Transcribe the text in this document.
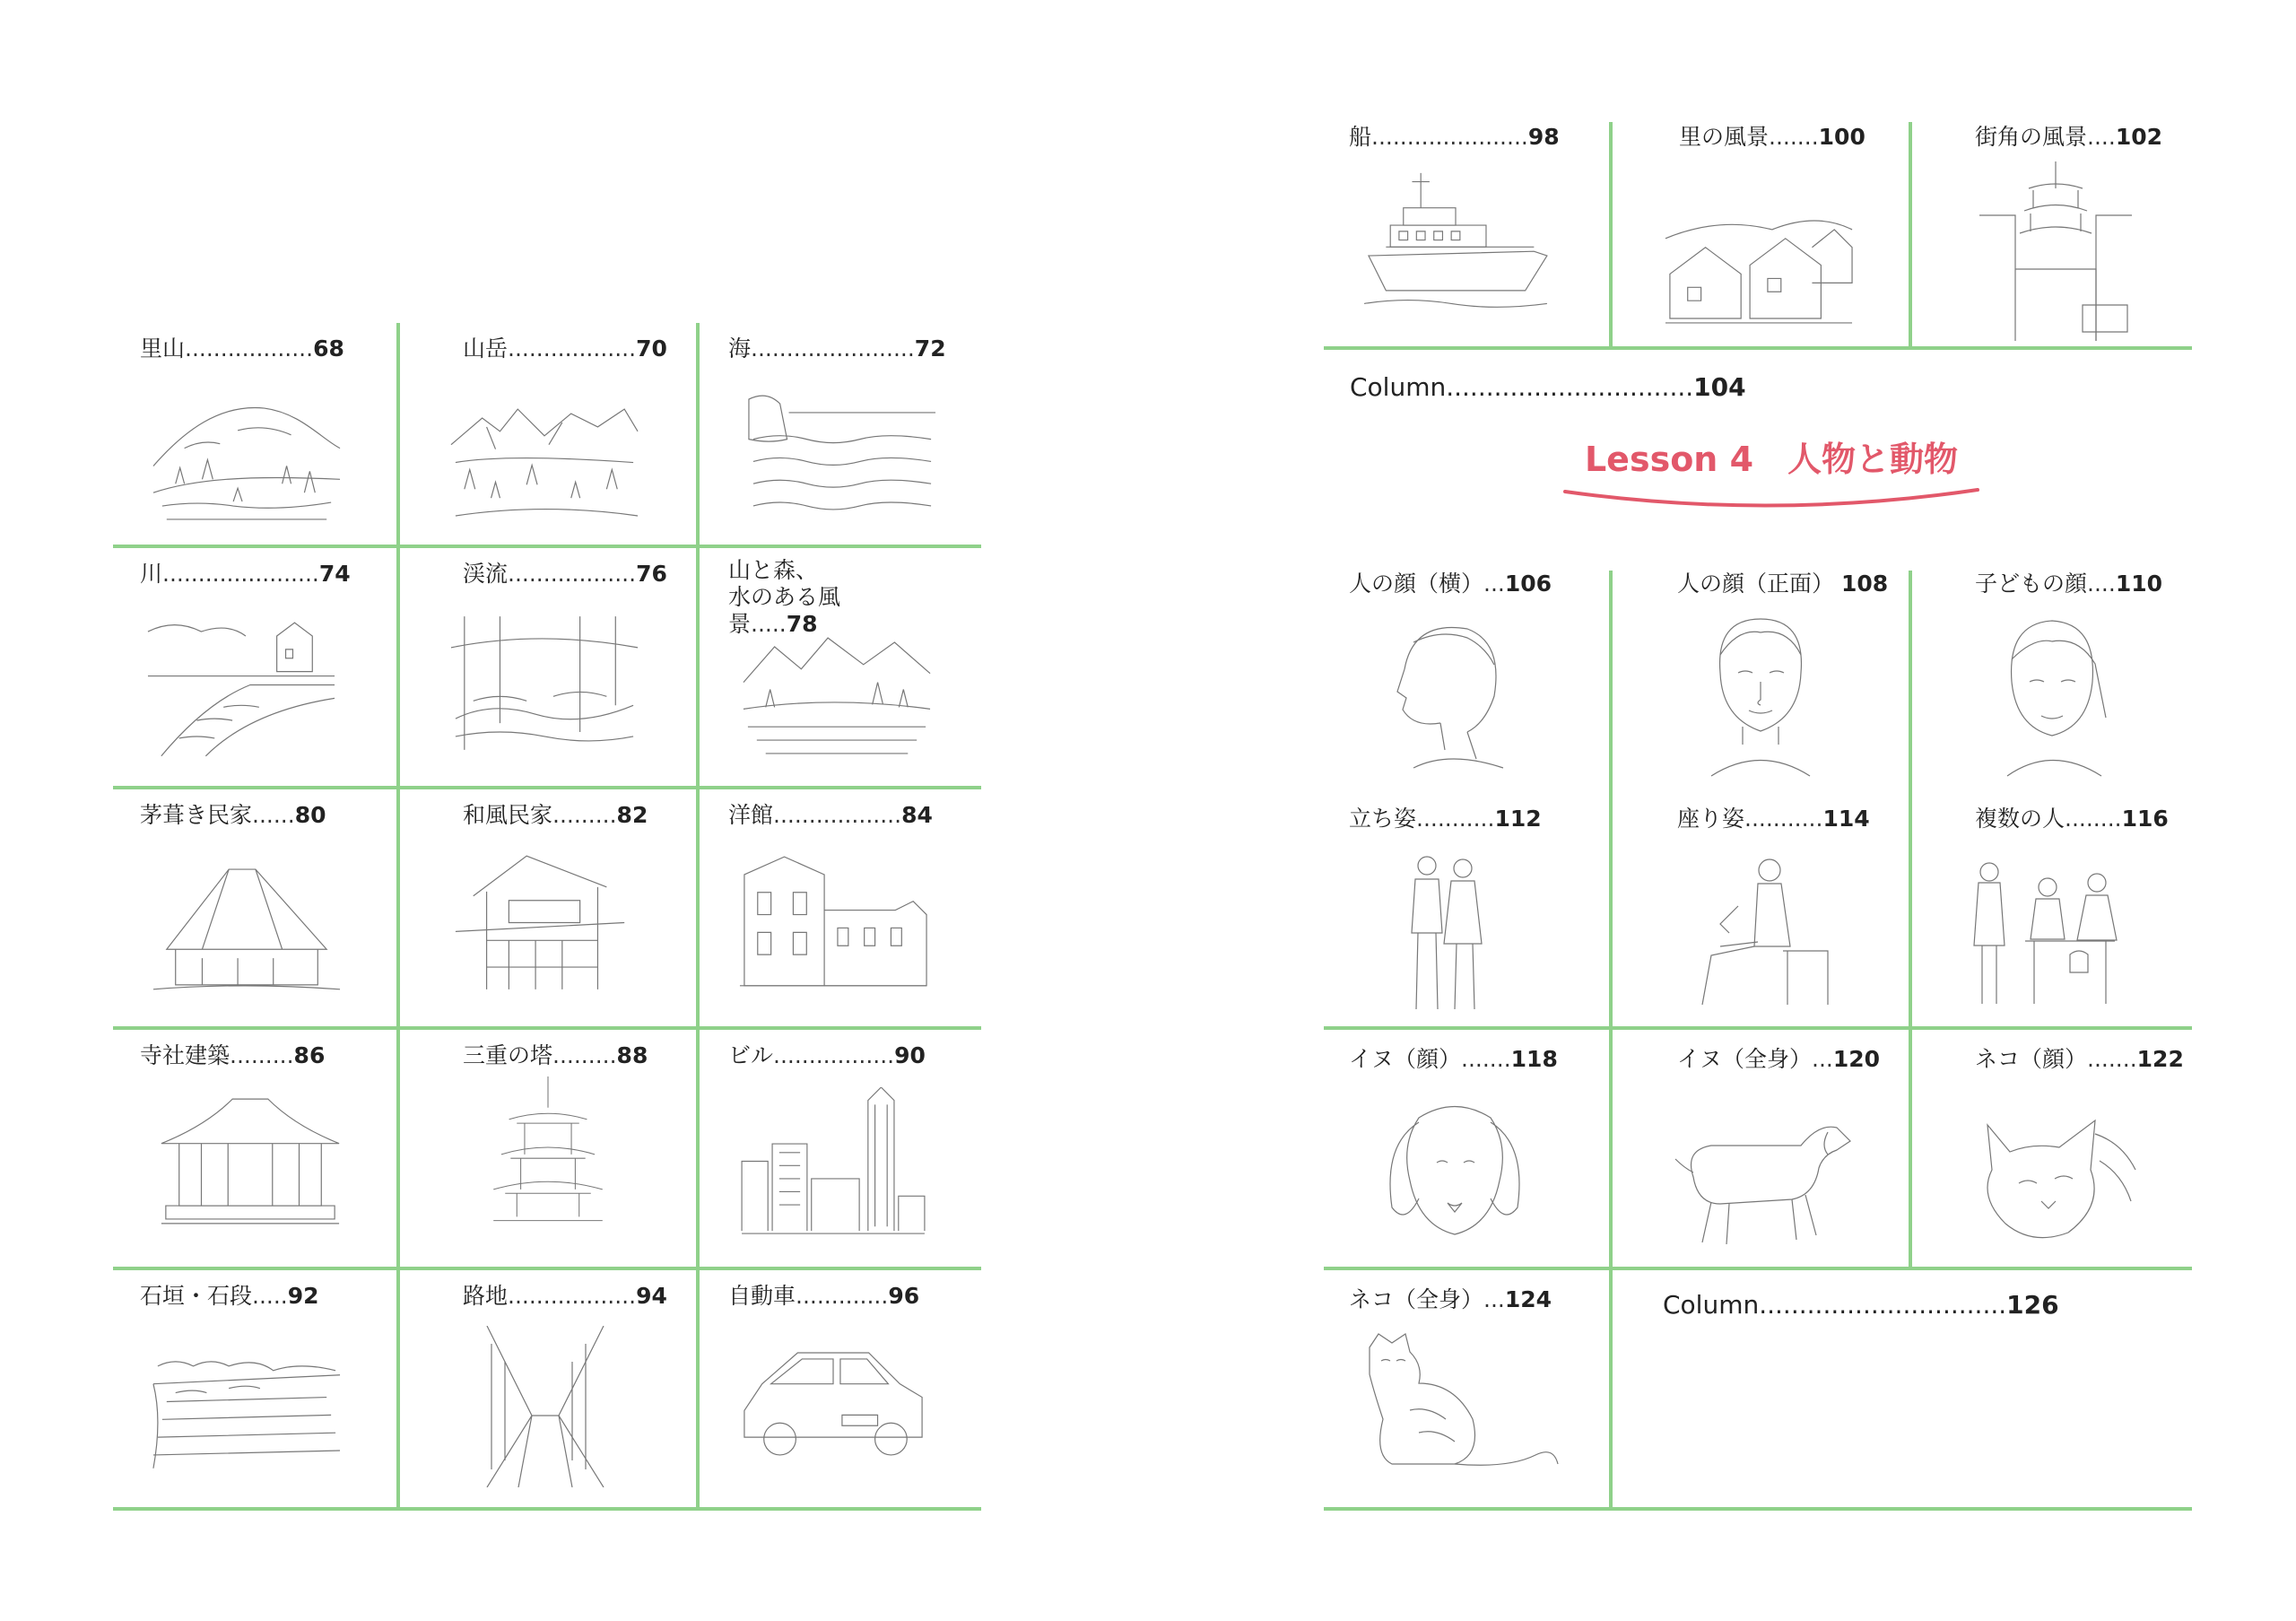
里山..................68	山岳..................70	海.......................72
川......................74	渓流..................76	山と森、
水のある風景.....78
茅葺き民家......80	和風民家.........82	洋館..................84
寺社建築.........86	三重の塔.........88	ビル.................90
石垣・石段.....92	路地..................94	自動車.............96
船......................98	里の風景.......100	街角の風景....102
Column...............................104
Lesson 4　人物と動物
人の顔（横）...106	人の顔（正面） 108	子どもの顔....110
立ち姿...........112	座り姿...........114	複数の人........116
イヌ（顔）.......118	イヌ（全身）...120	ネコ（顔）.......122
ネコ（全身）...124	Column...............................126
